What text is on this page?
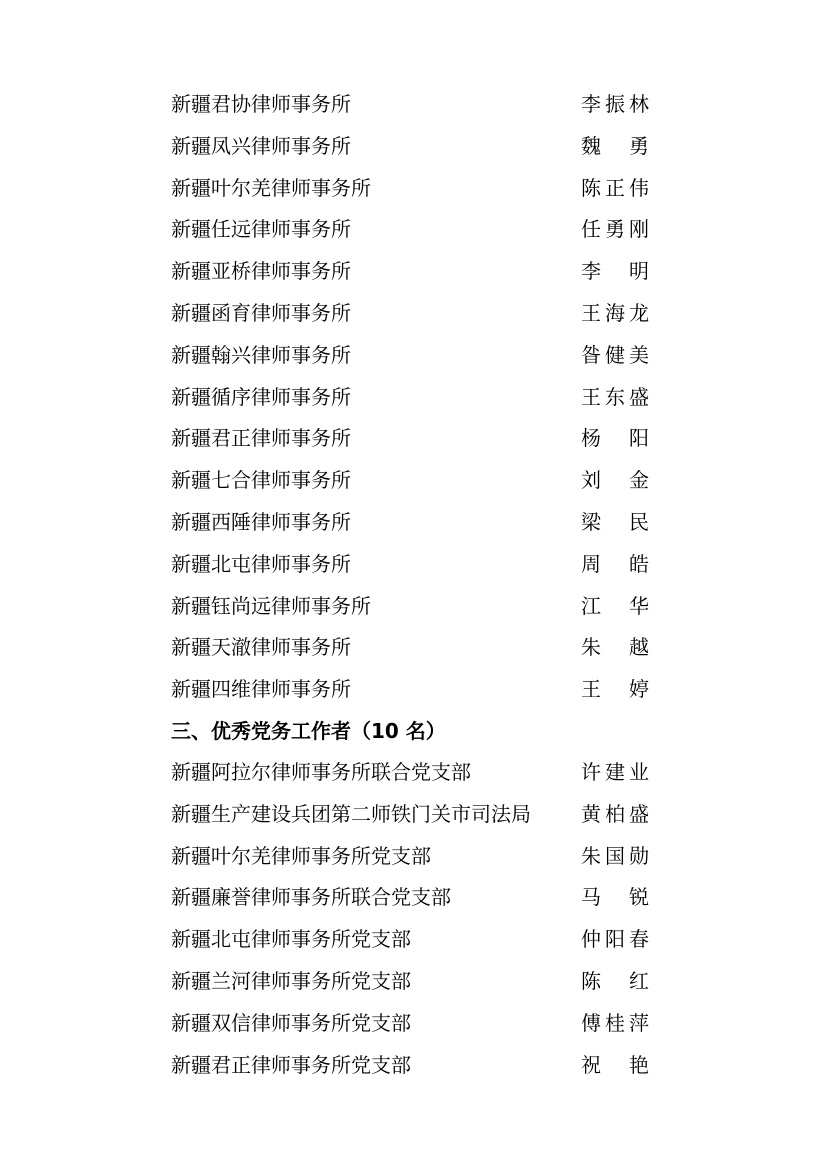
新疆君协律师事务所	李振林
新疆凤兴律师事务所	魏勇
新疆叶尔羌律师事务所	陈正伟
新疆任远律师事务所	任勇刚
新疆亚桥律师事务所	李明
新疆函育律师事务所	王海龙
新疆翰兴律师事务所	昝健美
新疆循序律师事务所	王东盛
新疆君正律师事务所	杨阳
新疆七合律师事务所	刘金
新疆西陲律师事务所	梁民
新疆北屯律师事务所	周皓
新疆钰尚远律师事务所	江华
新疆天澈律师事务所	朱越
新疆四维律师事务所	王婷
三、优秀党务工作者（10 名）
新疆阿拉尔律师事务所联合党支部	许建业
新疆生产建设兵团第二师铁门关市司法局	黄柏盛
新疆叶尔羌律师事务所党支部	朱国勋
新疆廉誉律师事务所联合党支部	马锐
新疆北屯律师事务所党支部	仲阳春
新疆兰河律师事务所党支部	陈红
新疆双信律师事务所党支部	傅桂萍
新疆君正律师事务所党支部	祝艳
